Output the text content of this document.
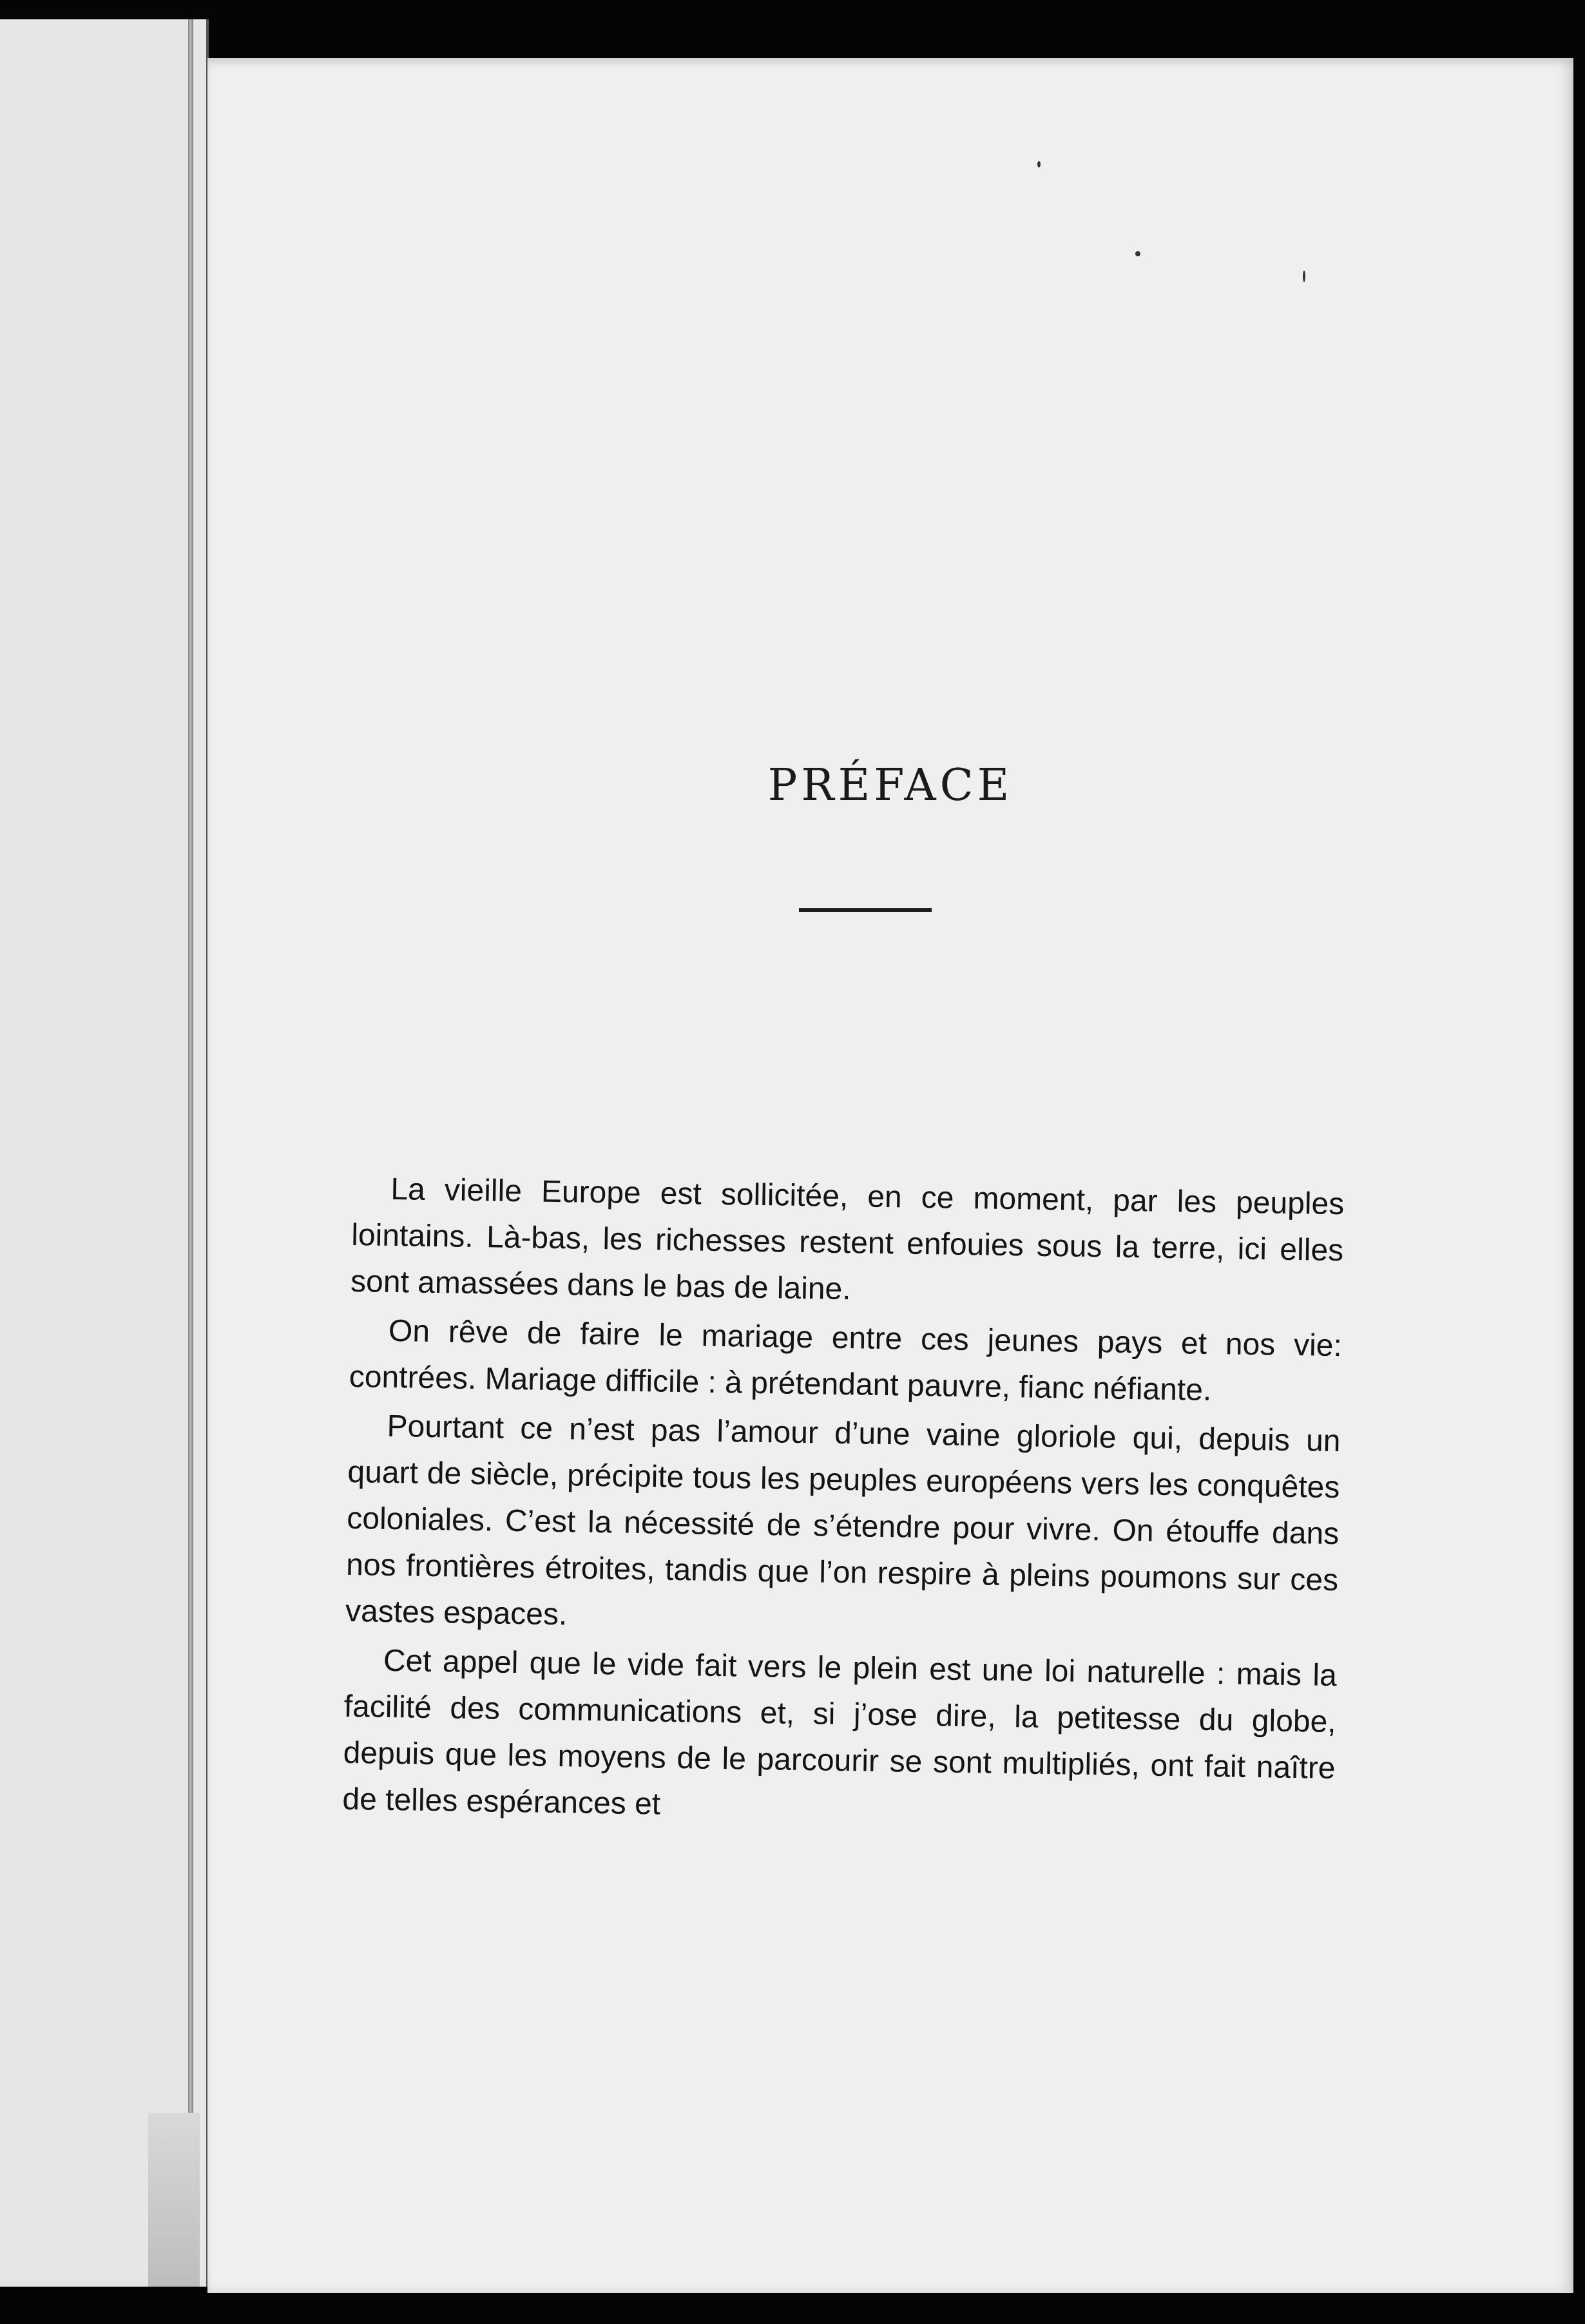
PRÉFACE

La vieille Europe est sollicitée, en ce moment, par les peuples lointains. Là-bas, les richesses restent enfouies sous la terre, ici elles sont amassées dans le bas de laine.

On rêve de faire le mariage entre ces jeunes pays et nos vie: contrées. Mariage difficile : à prétendant pauvre, fianc néfiante.

Pourtant ce n’est pas l’amour d’une vaine gloriole qui, depuis un quart de siècle, précipite tous les peuples européens vers les conquêtes coloniales. C’est la nécessité de s’étendre pour vivre. On étouffe dans nos frontières étroites, tandis que l’on respire à pleins poumons sur ces vastes espaces.

Cet appel que le vide fait vers le plein est une loi naturelle : mais la facilité des communications et, si j’ose dire, la petitesse du globe, depuis que les moyens de le parcourir se sont multipliés, ont fait naître de telles espérances et
